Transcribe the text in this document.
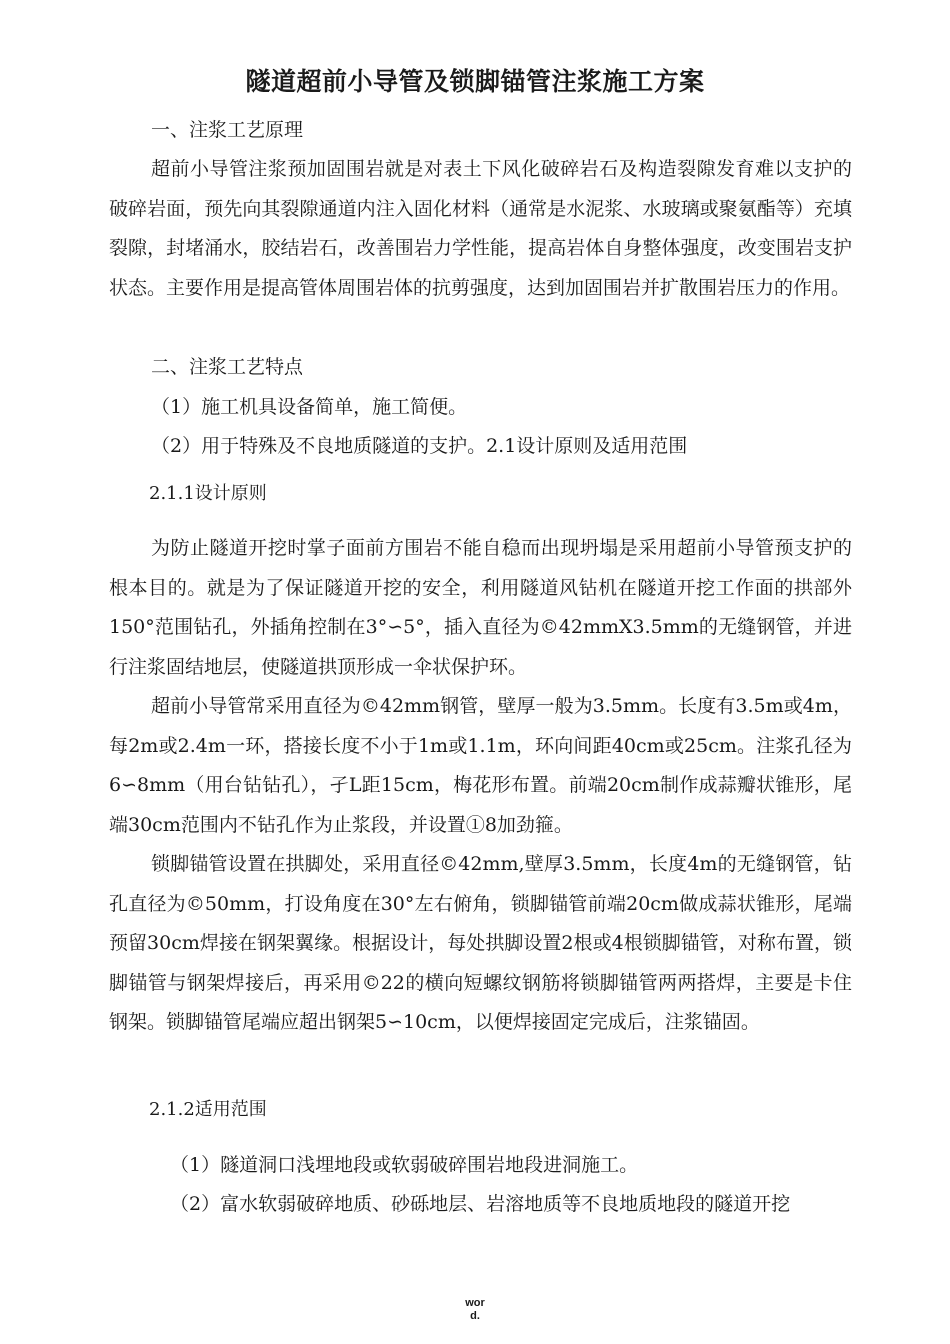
隧道超前小导管及锁脚锚管注浆施工方案

一、注浆工艺原理

超前小导管注浆预加固围岩就是对表土下风化破碎岩石及构造裂隙发育难以支护的破碎岩面，预先向其裂隙通道内注入固化材料（通常是水泥浆、水玻璃或聚氨酯等）充填裂隙，封堵涌水，胶结岩石，改善围岩力学性能，提高岩体自身整体强度，改变围岩支护状态。主要作用是提高管体周围岩体的抗剪强度，达到加固围岩并扩散围岩压力的作用。

二、注浆工艺特点

（1）施工机具设备简单，施工简便。

（2）用于特殊及不良地质隧道的支护。2.1设计原则及适用范围

2.1.1设计原则

为防止隧道开挖时掌子面前方围岩不能自稳而出现坍塌是采用超前小导管预支护的根本目的。就是为了保证隧道开挖的安全，利用隧道风钻机在隧道开挖工作面的拱部外150°范围钻孔，外插角控制在3°∽5°，插入直径为©42mmX3.5mm的无缝钢管，并进行注浆固结地层，使隧道拱顶形成一伞状保护环。

超前小导管常采用直径为©42mm钢管，壁厚一般为3.5mm。长度有3.5m或4m，每2m或2.4m一环，搭接长度不小于1m或1.1m，环向间距40cm或25cm。注浆孔径为6∽8mm（用台钻钻孔），孑L距15cm，梅花形布置。前端20cm制作成蒜瓣状锥形，尾端30cm范围内不钻孔作为止浆段，并设置①8加劲箍。

锁脚锚管设置在拱脚处，采用直径©42mm,壁厚3.5mm，长度4m的无缝钢管，钻孔直径为©50mm，打设角度在30°左右俯角，锁脚锚管前端20cm做成蒜状锥形，尾端预留30cm焊接在钢架翼缘。根据设计，每处拱脚设置2根或4根锁脚锚管，对称布置，锁脚锚管与钢架焊接后，再采用©22的横向短螺纹钢筋将锁脚锚管两两搭焊，主要是卡住钢架。锁脚锚管尾端应超出钢架5∽10cm，以便焊接固定完成后，注浆锚固。

2.1.2适用范围

（1）隧道洞口浅埋地段或软弱破碎围岩地段进洞施工。

（2）富水软弱破碎地质、砂砾地层、岩溶地质等不良地质地段的隧道开挖

wor
d.
